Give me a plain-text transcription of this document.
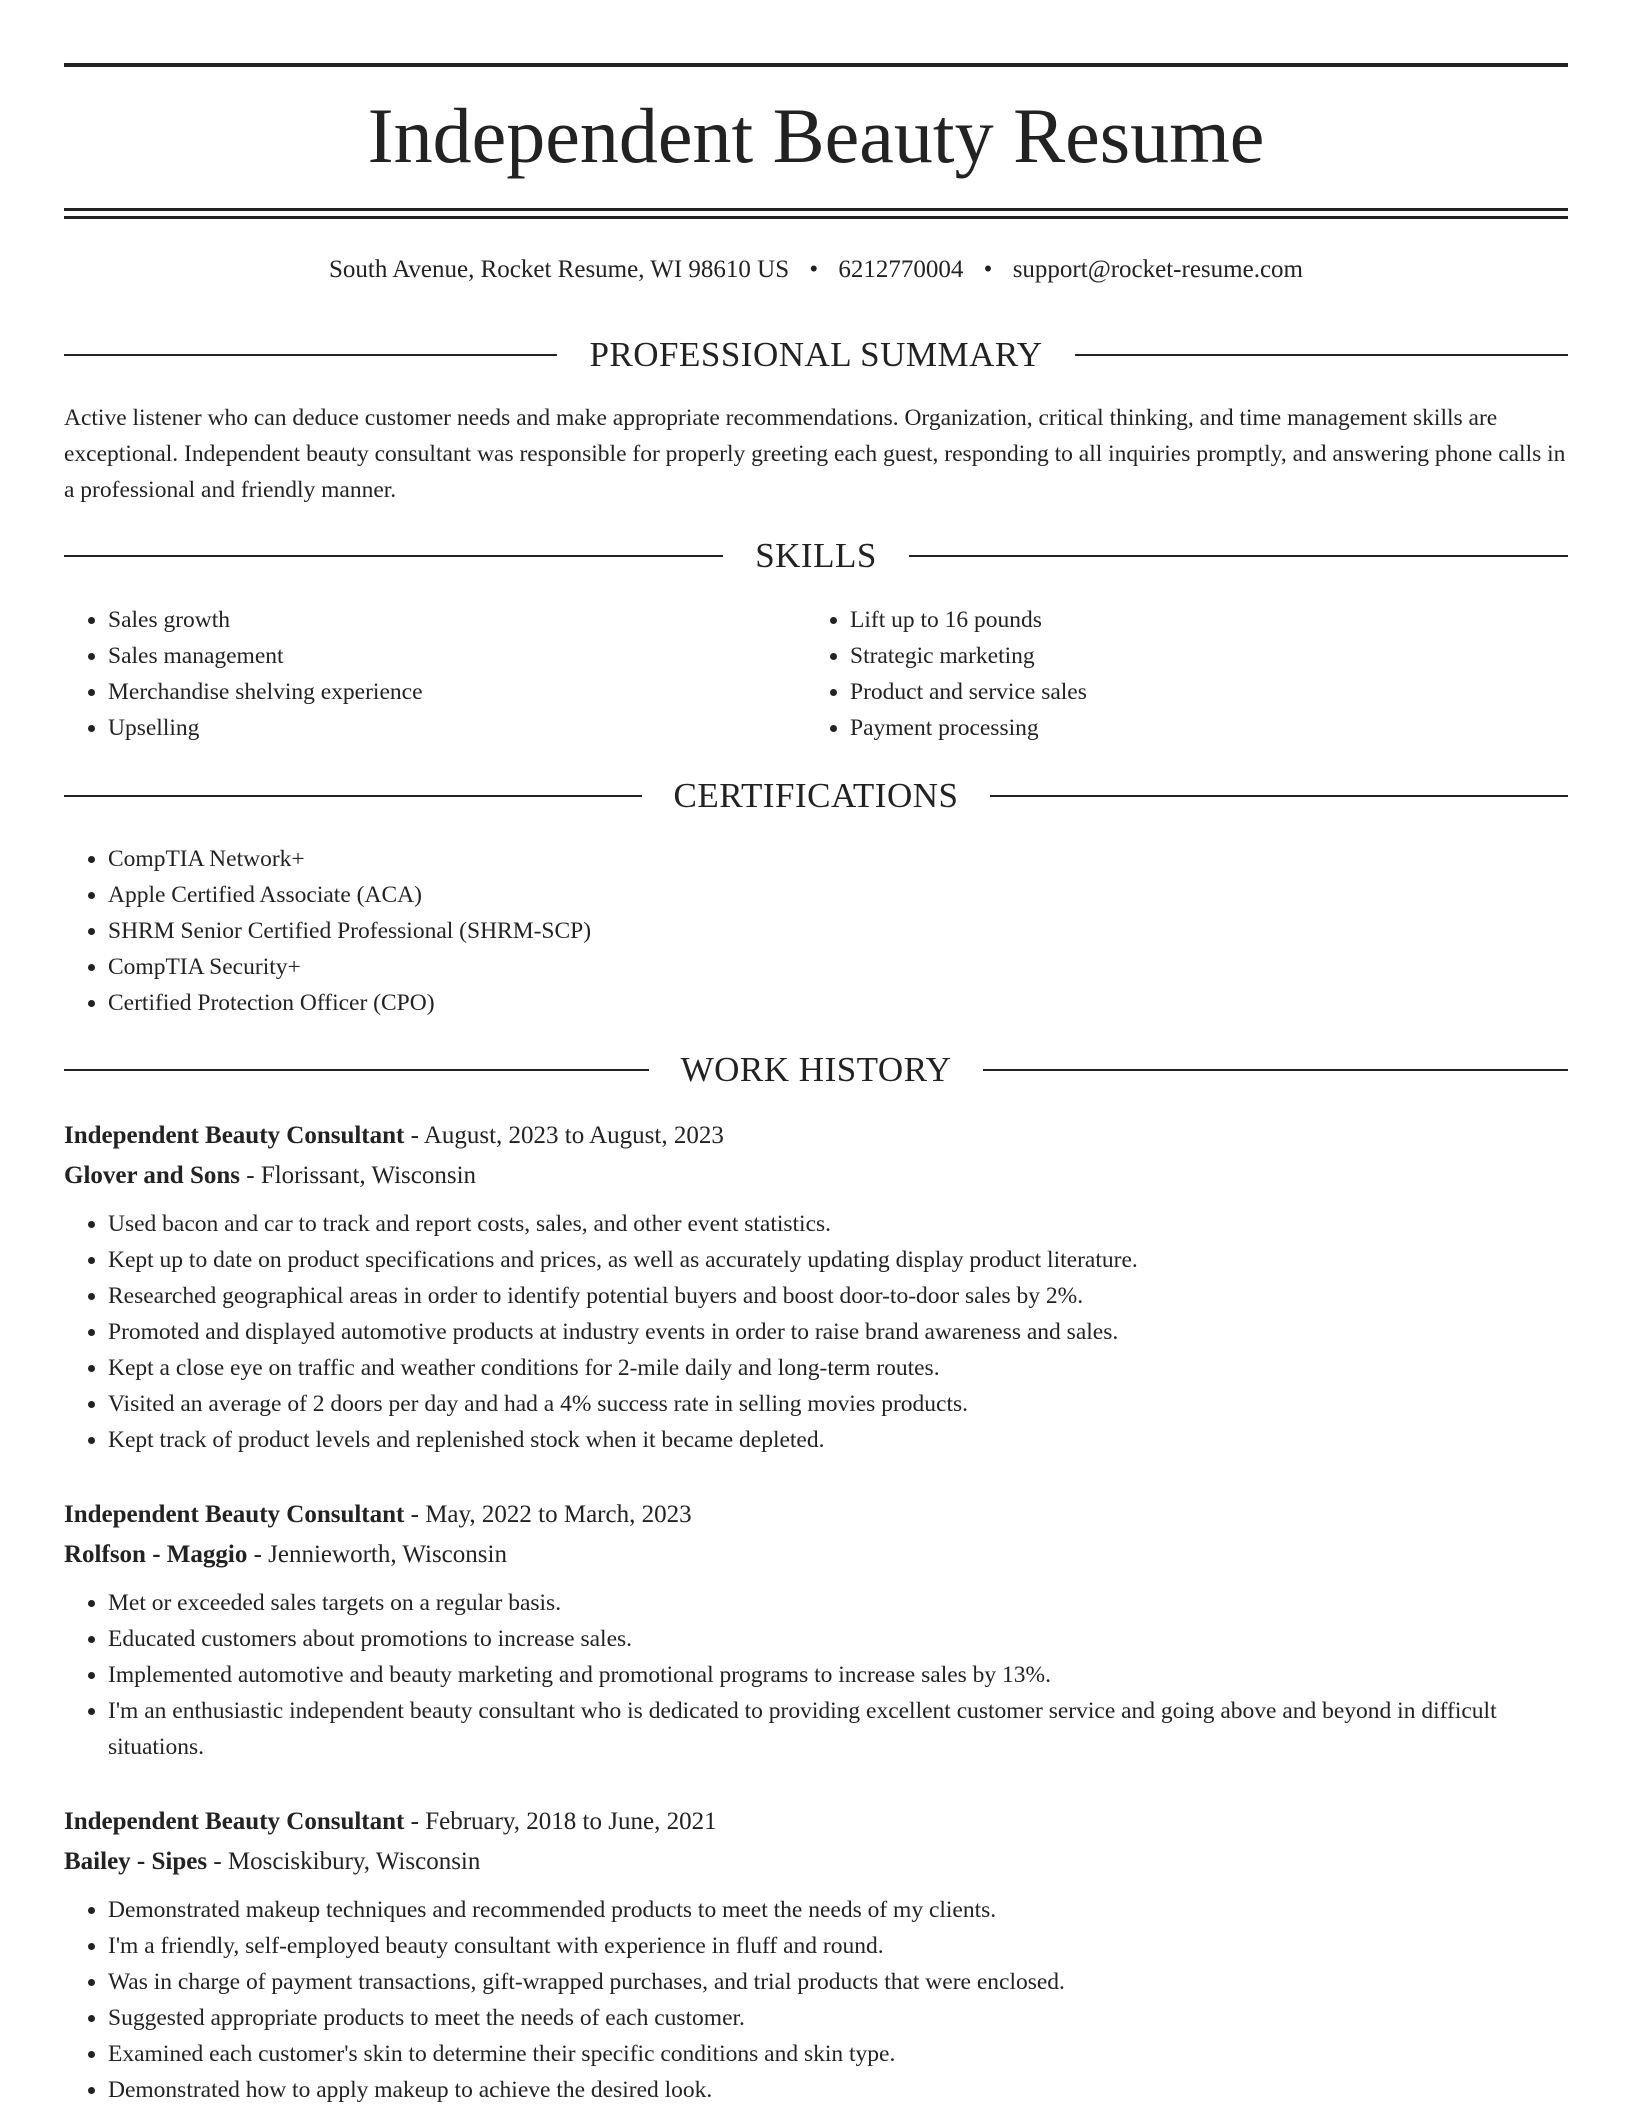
Independent Beauty Resume
South Avenue, Rocket Resume, WI 98610 US • 6212770004 • support@rocket-resume.com
PROFESSIONAL SUMMARY

Active listener who can deduce customer needs and make appropriate recommendations. Organization, critical thinking, and time management skills are exceptional. Independent beauty consultant was responsible for properly greeting each guest, responding to all inquiries promptly, and answering phone calls in a professional and friendly manner.

SKILLS
• Sales growth
• Sales management
• Merchandise shelving experience
• Upselling
• Lift up to 16 pounds
• Strategic marketing
• Product and service sales
• Payment processing
CERTIFICATIONS
• CompTIA Network+
• Apple Certified Associate (ACA)
• SHRM Senior Certified Professional (SHRM-SCP)
• CompTIA Security+
• Certified Protection Officer (CPO)
WORK HISTORY
Independent Beauty Consultant - August, 2023 to August, 2023
Glover and Sons - Florissant, Wisconsin
• Used bacon and car to track and report costs, sales, and other event statistics.
• Kept up to date on product specifications and prices, as well as accurately updating display product literature.
• Researched geographical areas in order to identify potential buyers and boost door-to-door sales by 2%.
• Promoted and displayed automotive products at industry events in order to raise brand awareness and sales.
• Kept a close eye on traffic and weather conditions for 2-mile daily and long-term routes.
• Visited an average of 2 doors per day and had a 4% success rate in selling movies products.
• Kept track of product levels and replenished stock when it became depleted.
Independent Beauty Consultant - May, 2022 to March, 2023
Rolfson - Maggio - Jennieworth, Wisconsin
• Met or exceeded sales targets on a regular basis.
• Educated customers about promotions to increase sales.
• Implemented automotive and beauty marketing and promotional programs to increase sales by 13%.
• I'm an enthusiastic independent beauty consultant who is dedicated to providing excellent customer service and going above and beyond in difficult situations.
Independent Beauty Consultant - February, 2018 to June, 2021
Bailey - Sipes - Mosciskibury, Wisconsin
• Demonstrated makeup techniques and recommended products to meet the needs of my clients.
• I'm a friendly, self-employed beauty consultant with experience in fluff and round.
• Was in charge of payment transactions, gift-wrapped purchases, and trial products that were enclosed.
• Suggested appropriate products to meet the needs of each customer.
• Examined each customer's skin to determine their specific conditions and skin type.
• Demonstrated how to apply makeup to achieve the desired look.
